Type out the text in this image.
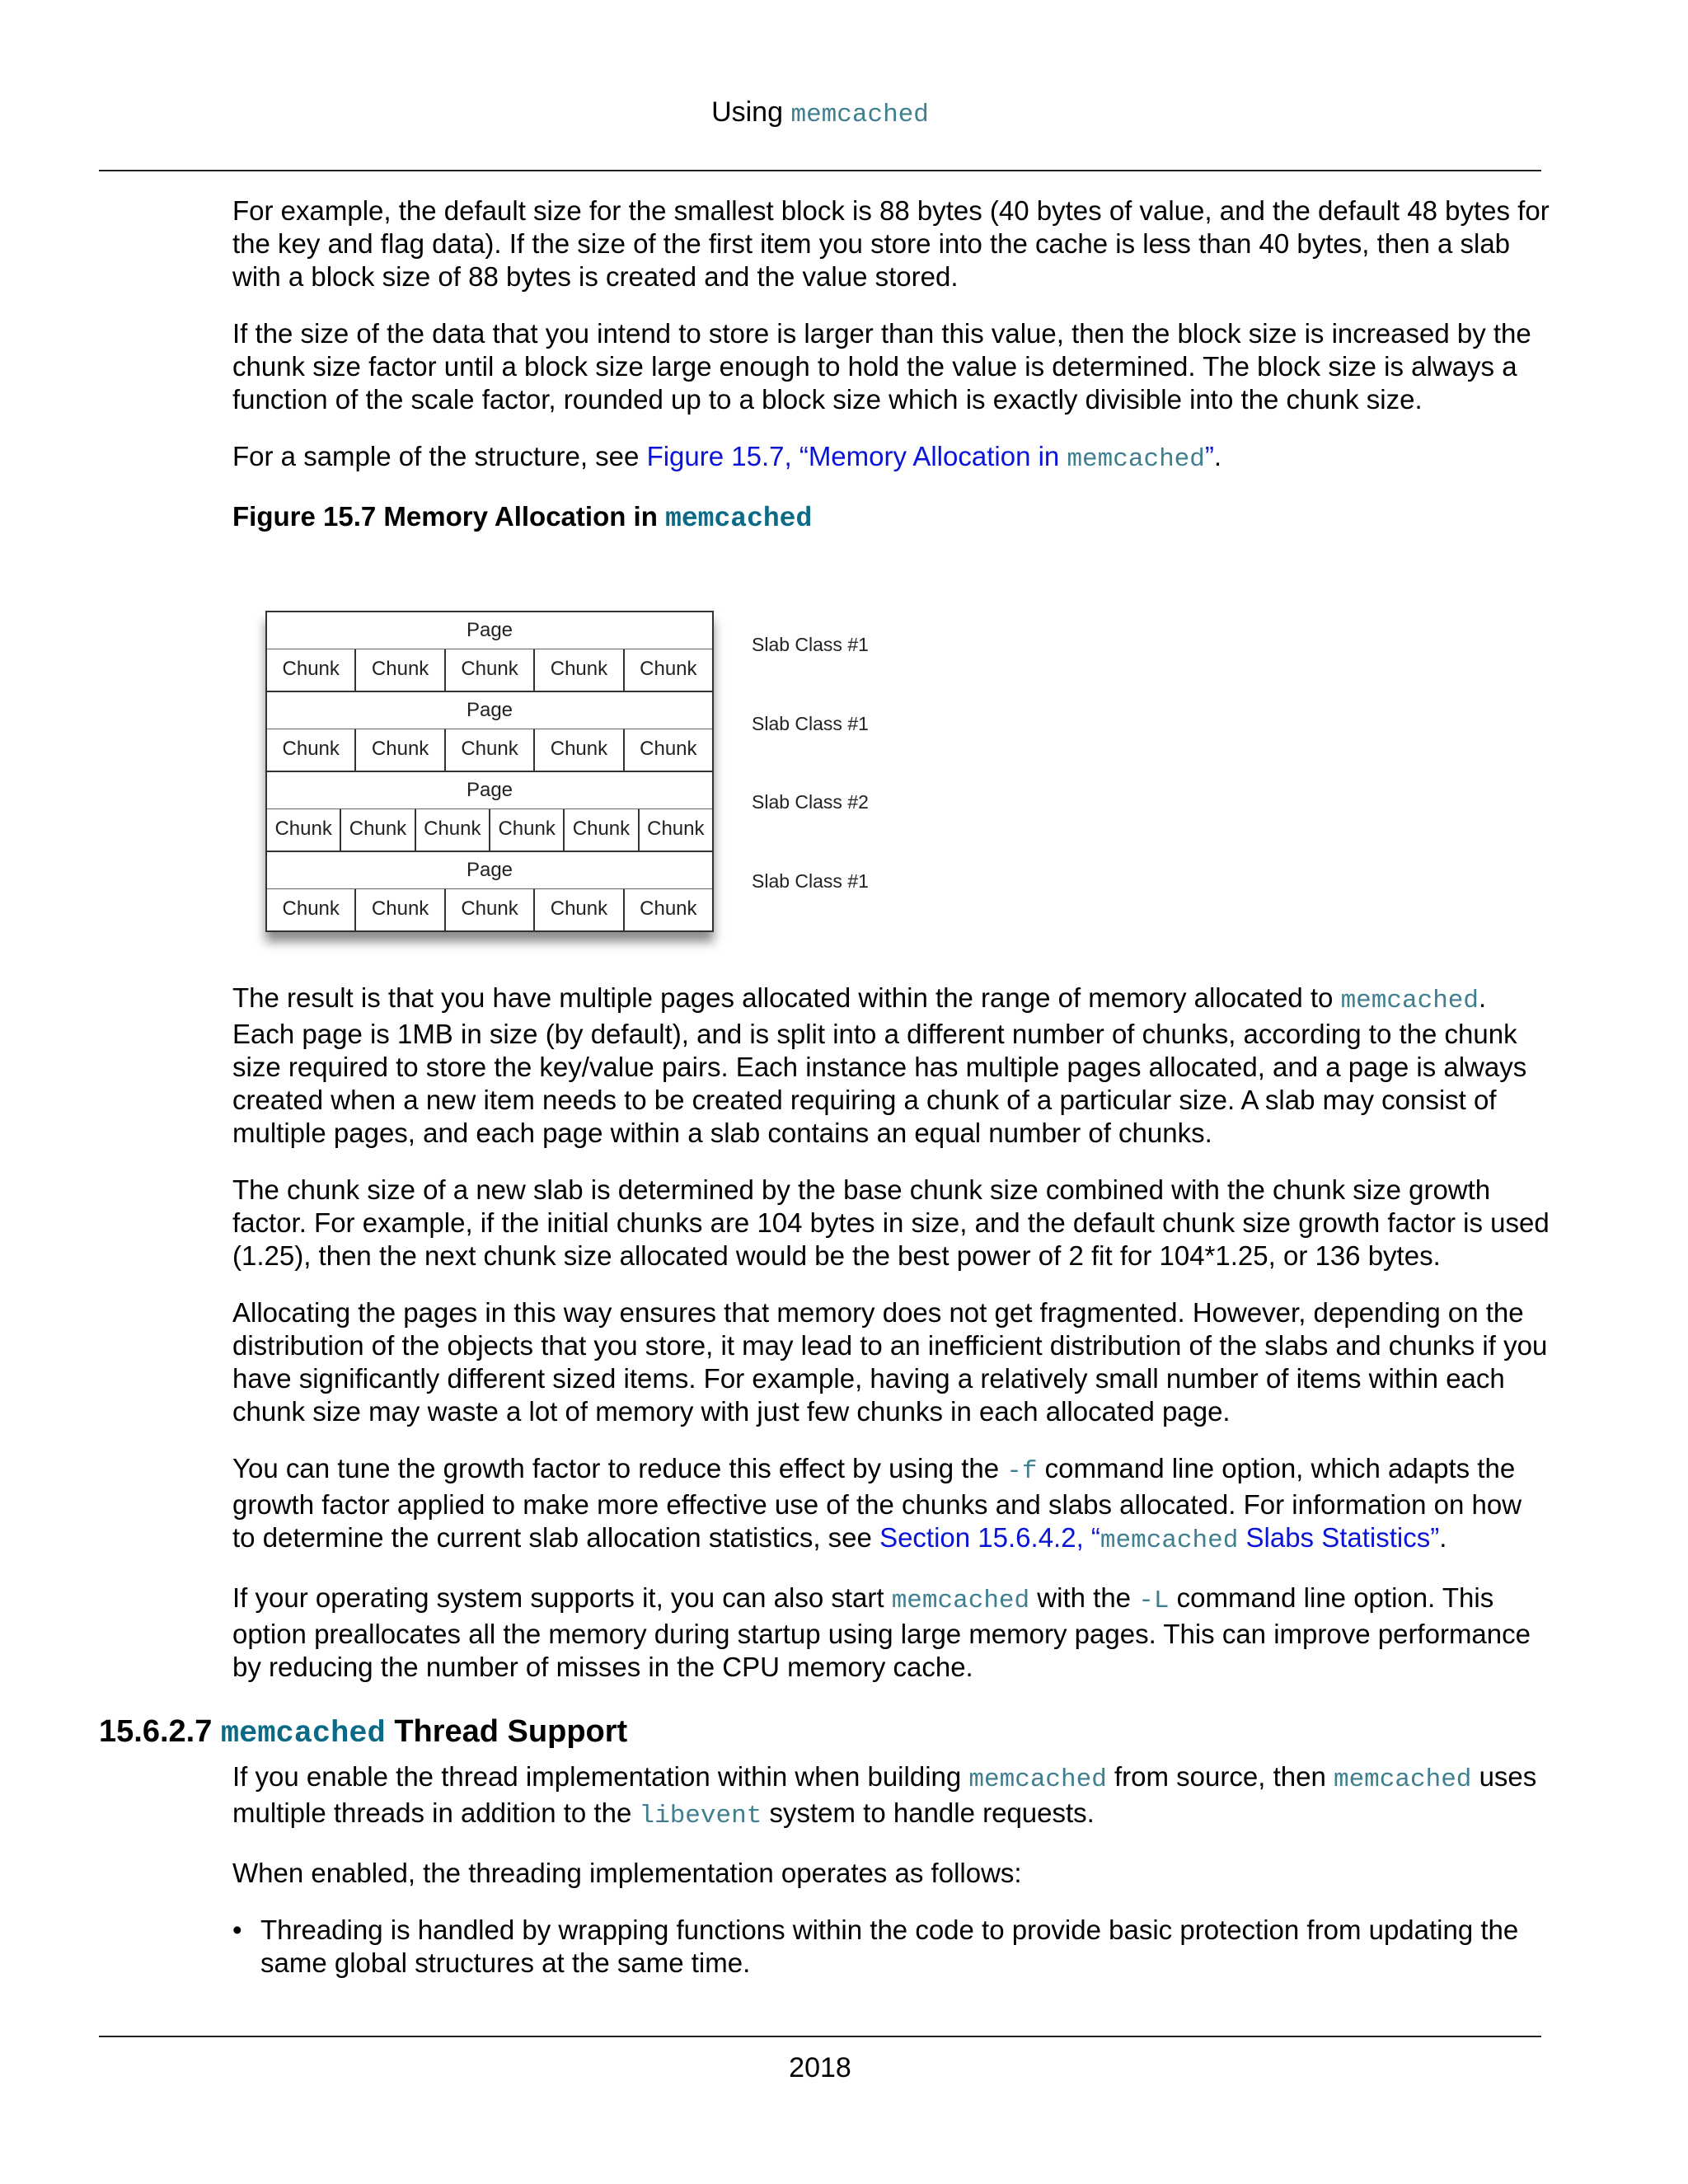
Using memcached

For example, the default size for the smallest block is 88 bytes (40 bytes of value, and the default 48 bytes for the key and flag data). If the size of the first item you store into the cache is less than 40 bytes, then a slab with a block size of 88 bytes is created and the value stored.

If the size of the data that you intend to store is larger than this value, then the block size is increased by the chunk size factor until a block size large enough to hold the value is determined. The block size is always a function of the scale factor, rounded up to a block size which is exactly divisible into the chunk size.

For a sample of the structure, see Figure 15.7, “Memory Allocation in memcached”.

Figure 15.7 Memory Allocation in memcached

Page
Chunk	Chunk	Chunk	Chunk	Chunk
Page
Chunk	Chunk	Chunk	Chunk	Chunk
Page
Chunk Chunk Chunk Chunk Chunk Chunk
Page
Chunk	Chunk	Chunk	Chunk	Chunk
Slab Class #1
Slab Class #1
Slab Class #2
Slab Class #1

The result is that you have multiple pages allocated within the range of memory allocated to memcached. Each page is 1MB in size (by default), and is split into a different number of chunks, according to the chunk size required to store the key/value pairs. Each instance has multiple pages allocated, and a page is always created when a new item needs to be created requiring a chunk of a particular size. A slab may consist of multiple pages, and each page within a slab contains an equal number of chunks.

The chunk size of a new slab is determined by the base chunk size combined with the chunk size growth factor. For example, if the initial chunks are 104 bytes in size, and the default chunk size growth factor is used (1.25), then the next chunk size allocated would be the best power of 2 fit for 104*1.25, or 136 bytes.

Allocating the pages in this way ensures that memory does not get fragmented. However, depending on the distribution of the objects that you store, it may lead to an inefficient distribution of the slabs and chunks if you have significantly different sized items. For example, having a relatively small number of items within each chunk size may waste a lot of memory with just few chunks in each allocated page.

You can tune the growth factor to reduce this effect by using the -f command line option, which adapts the growth factor applied to make more effective use of the chunks and slabs allocated. For information on how to determine the current slab allocation statistics, see Section 15.6.4.2, “memcached Slabs Statistics”.

If your operating system supports it, you can also start memcached with the -L command line option. This option preallocates all the memory during startup using large memory pages. This can improve performance by reducing the number of misses in the CPU memory cache.

15.6.2.7 memcached Thread Support

If you enable the thread implementation within when building memcached from source, then memcached uses multiple threads in addition to the libevent system to handle requests.

When enabled, the threading implementation operates as follows:

• Threading is handled by wrapping functions within the code to provide basic protection from updating the same global structures at the same time.

2018
